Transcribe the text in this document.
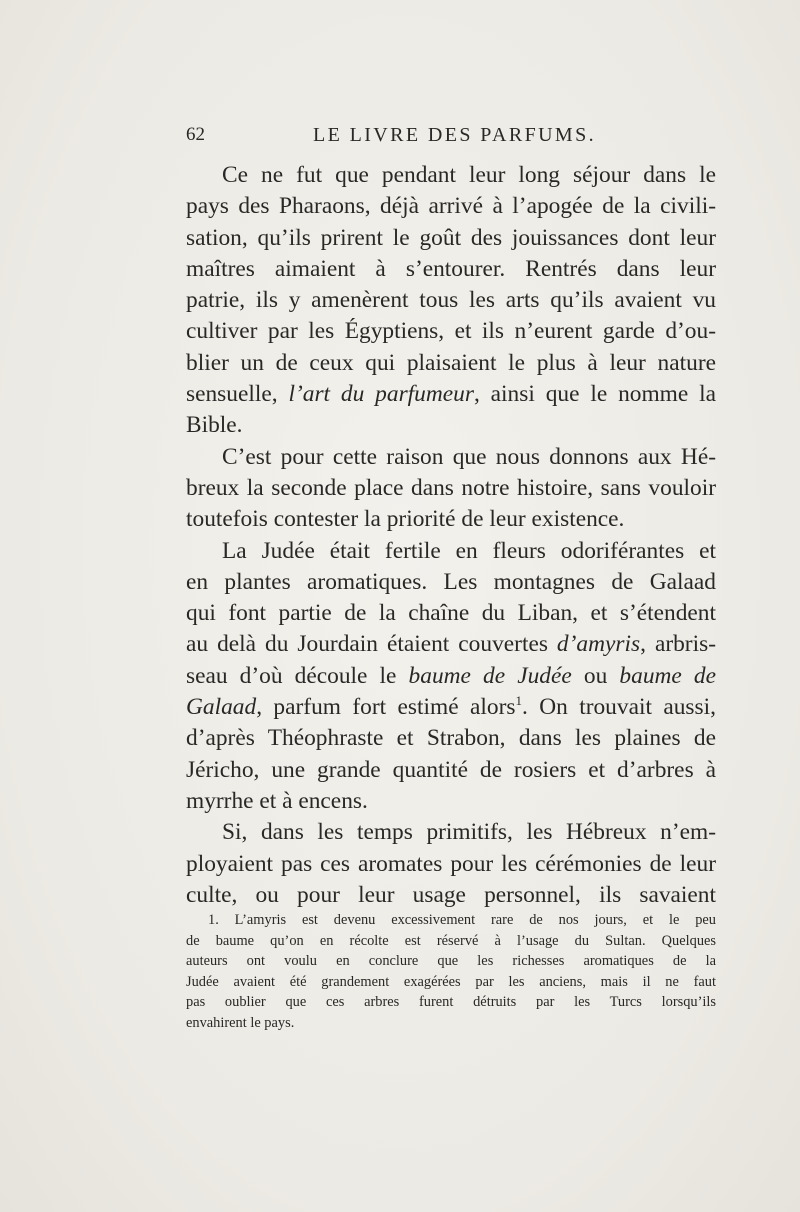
62	LE LIVRE DES PARFUMS.
Ce ne fut que pendant leur long séjour dans le
pays des Pharaons, déjà arrivé à l’apogée de la civili-
sation, qu’ils prirent le goût des jouissances dont leur
maîtres aimaient à s’entourer. Rentrés dans leur
patrie, ils y amenèrent tous les arts qu’ils avaient vu
cultiver par les Égyptiens, et ils n’eurent garde d’ou-
blier un de ceux qui plaisaient le plus à leur nature
sensuelle, l’art du parfumeur, ainsi que le nomme la
Bible.
C’est pour cette raison que nous donnons aux Hé-
breux la seconde place dans notre histoire, sans vouloir
toutefois contester la priorité de leur existence.
La Judée était fertile en fleurs odoriférantes et
en plantes aromatiques. Les montagnes de Galaad
qui font partie de la chaîne du Liban, et s’étendent
au delà du Jourdain étaient couvertes d’amyris, arbris-
seau d’où découle le baume de Judée ou baume de
Galaad, parfum fort estimé alors$^1$. On trouvait aussi,
d’après Théophraste et Strabon, dans les plaines de
Jéricho, une grande quantité de rosiers et d’arbres à
myrrhe et à encens.
Si, dans les temps primitifs, les Hébreux n’em-
ployaient pas ces aromates pour les cérémonies de leur
culte, ou pour leur usage personnel, ils savaient
1. L’amyris est devenu excessivement rare de nos jours, et le peu
de baume qu’on en récolte est réservé à l’usage du Sultan. Quelques
auteurs ont voulu en conclure que les richesses aromatiques de la
Judée avaient été grandement exagérées par les anciens, mais il ne faut
pas oublier que ces arbres furent détruits par les Turcs lorsqu’ils
envahirent le pays.
